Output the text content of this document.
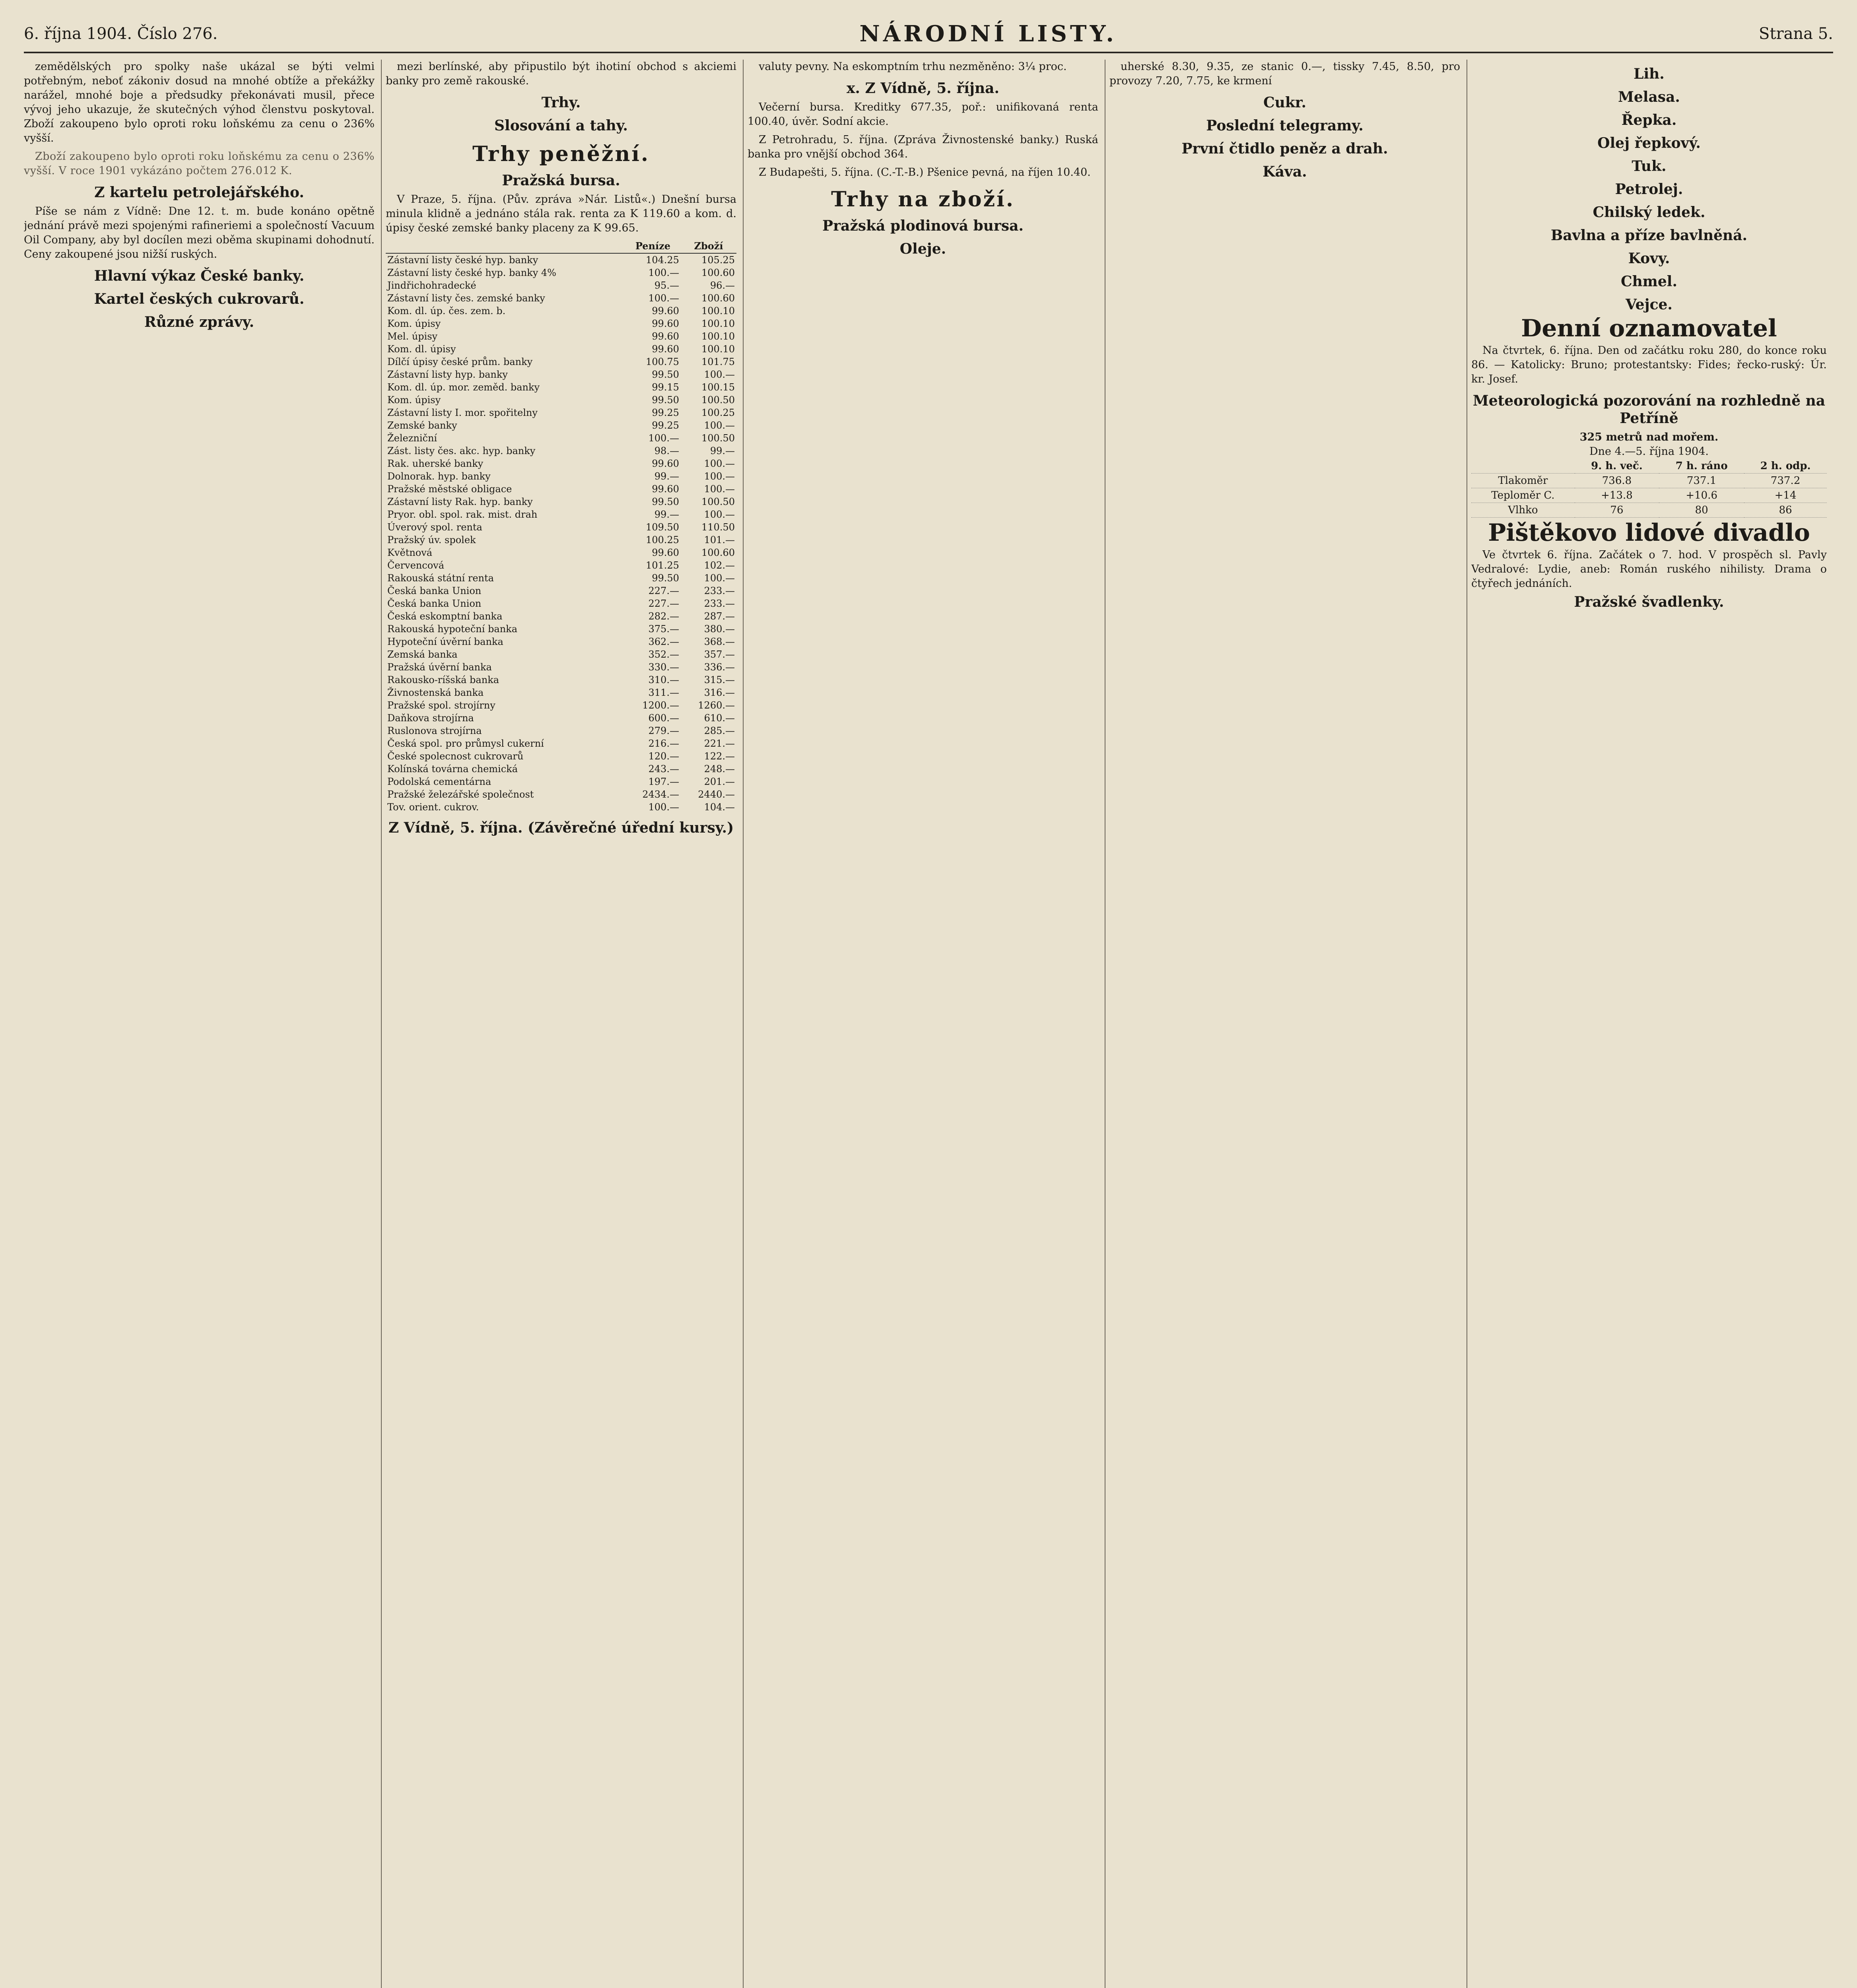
6. října 1904. Číslo 276.	NÁRODNÍ LISTY.	Strana 5.

zemědělských pro spolky naše ukázal se býti velmi potřebným, neboť zákoniv dosud na mnohé obtíže a překážky narážel, mnohé boje a předsudky překonávati musil, přece vývoj jeho ukazuje, že skutečných výhod členstvu poskytoval. Zboží zakoupeno bylo oproti roku loňskému za cenu o 236% vyšší.

Zboží zakoupeno bylo oproti roku loňskému za cenu o 236% vyšší. V roce 1901 vykázáno počtem 276.012 K.

Z kartelu petrolejářského.

Píše se nám z Vídně: Dne 12. t. m. bude konáno opětně jednání právě mezi spojenými rafineriemi a společností Vacuum Oil Company, aby byl docílen mezi oběma skupinami dohodnutí. Ceny zakoupené jsou nižší ruských.

Hlavní výkaz České banky.
Kartel českých cukrovarů.
Různé zprávy.

mezi berlínské, aby připustilo být ihotiní obchod s akciemi banky pro země rakouské.

Trhy.
Slosování a tahy.
Trhy peněžní.
Pražská bursa.

V Praze, 5. října. (Pův. zpráva »Nár. Listů«.) Dnešní bursa minula klidně a jednáno stála rak. renta za K 119.60 a kom. d. úpisy české zemské banky placeny za K 99.65.

	Peníze	Zboží
Zástavní listy české hyp. banky	104.25	105.25
Zástavní listy české hyp. banky 4%	100.—	100.60
Jindřichohradecké	95.—	96.—
Zástavní listy čes. zemské banky	100.—	100.60
Kom. dl. úp. čes. zem. b.	99.60	100.10
Kom. úpisy	99.60	100.10
Mel. úpisy	99.60	100.10
Kom. dl. úpisy	99.60	100.10
Dílčí úpisy české prům. banky	100.75	101.75
Zástavní listy hyp. banky	99.50	100.—
Kom. dl. úp. mor. zeměd. banky	99.15	100.15
Kom. úpisy	99.50	100.50
Zástavní listy I. mor. spořitelny	99.25	100.25
Zemské banky	99.25	100.—
Železniční	100.—	100.50
Zást. listy čes. akc. hyp. banky	98.—	99.—
Rak. uherské banky	99.60	100.—
Dolnorak. hyp. banky	99.—	100.—
Pražské městské obligace	99.60	100.—
Zástavní listy Rak. hyp. banky	99.50	100.50
Pryor. obl. spol. rak. mist. drah	99.—	100.—
Úverový spol. renta	109.50	110.50
Pražský úv. spolek	100.25	101.—
Květnová	99.60	100.60
Červencová	101.25	102.—
Rakouská státní renta	99.50	100.—
Česká banka Union	227.—	233.—
Česká banka Union	227.—	233.—
Česká eskomptní banka	282.—	287.—
Rakouská hypoteční banka	375.—	380.—
Hypoteční úvěrní banka	362.—	368.—
Zemská banka	352.—	357.—
Pražská úvěrní banka	330.—	336.—
Rakousko-ríšská banka	310.—	315.—
Živnostenská banka	311.—	316.—
Pražské spol. strojírny	1200.—	1260.—
Daňkova strojírna	600.—	610.—
Ruslonova strojírna	279.—	285.—
Česká spol. pro průmysl cukerní	216.—	221.—
České spolecnost cukrovarů	120.—	122.—
Kolínská továrna chemická	243.—	248.—
Podolská cementárna	197.—	201.—
Pražské železářské společnost	2434.—	2440.—
Tov. orient. cukrov.	100.—	104.—
Z Vídně, 5. října. (Závěrečné úřední kursy.)

valuty pevny. Na eskomptním trhu nezměněno: 3¼ proc.

x. Z Vídně, 5. října.

Večerní bursa. Kreditky 677.35, poř.: unifikovaná renta 100.40, úvěr. Sodní akcie.

Z Petrohradu, 5. října. (Zpráva Živnostenské banky.) Ruská banka pro vnější obchod 364.

Z Budapešti, 5. října. (C.-T.-B.) Pšenice pevná, na říjen 10.40.

Trhy na zboží.
Pražská plodinová bursa.
Oleje.

uherské 8.30, 9.35, ze stanic 0.—, tissky 7.45, 8.50, pro provozy 7.20, 7.75, ke krmení

Cukr.
Poslední telegramy.
První čtidlo peněz a drah.
Káva.
Lih.
Melasa.
Řepka.
Olej řepkový.
Tuk.
Petrolej.
Chilský ledek.
Bavlna a příze bavlněná.
Kovy.
Chmel.
Vejce.
Denní oznamovatel

Na čtvrtek, 6. října. Den od začátku roku 280, do konce roku 86. — Katolicky: Bruno; protestantsky: Fides; řecko-ruský: Úr. kr. Josef.

Meteorologická pozorování na rozhledně na Petříně
325 metrů nad mořem.
Dne 4.—5. října 1904.
	9. h. več.	7 h. ráno	2 h. odp.
Tlakoměr	736.8	737.1	737.2
Teploměr C.	+13.8	+10.6	+14
Vlhko	76	80	86
Pištěkovo lidové divadlo

Ve čtvrtek 6. října. Začátek o 7. hod. V prospěch sl. Pavly Vedralové: Lydie, aneb: Román ruského nihilisty. Drama o čtyřech jednáních.

Pražské švadlenky.
